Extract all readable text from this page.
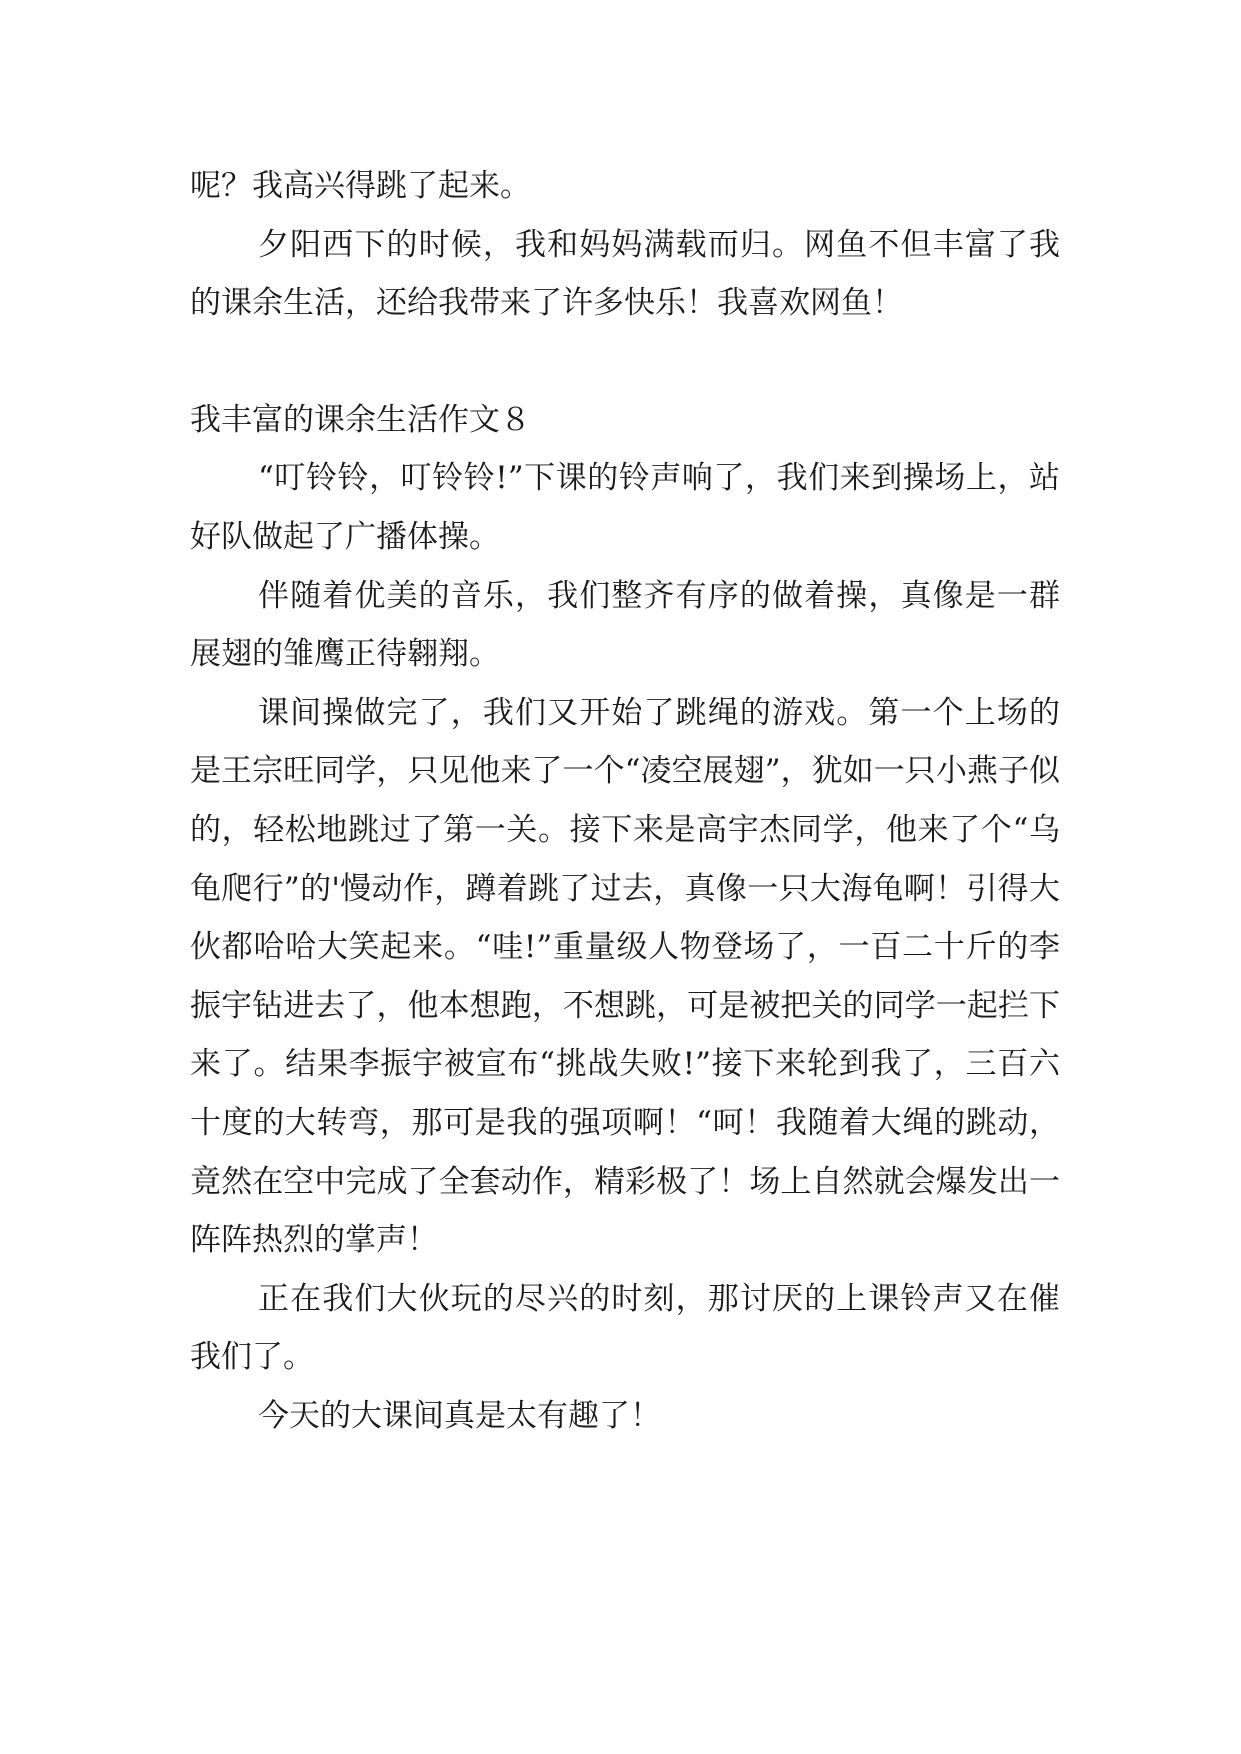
呢？我高兴得跳了起来。

夕阳西下的时候，我和妈妈满载而归。网鱼不但丰富了我的课余生活，还给我带来了许多快乐！我喜欢网鱼！

我丰富的课余生活作文８

“叮铃铃，叮铃铃!”下课的铃声响了，我们来到操场上，站好队做起了广播体操。

伴随着优美的音乐，我们整齐有序的做着操，真像是一群展翅的雏鹰正待翱翔。

课间操做完了，我们又开始了跳绳的游戏。第一个上场的是王宗旺同学，只见他来了一个“凌空展翅”，犹如一只小燕子似的，轻松地跳过了第一关。接下来是高宇杰同学，他来了个“乌龟爬行”的'慢动作，蹲着跳了过去，真像一只大海龟啊！引得大伙都哈哈大笑起来。“哇!”重量级人物登场了，一百二十斤的李振宇钻进去了，他本想跑，不想跳，可是被把关的同学一起拦下来了。结果李振宇被宣布“挑战失败!”接下来轮到我了，三百六十度的大转弯，那可是我的强项啊！“呵！我随着大绳的跳动，竟然在空中完成了全套动作，精彩极了！场上自然就会爆发出一阵阵热烈的掌声！

正在我们大伙玩的尽兴的时刻，那讨厌的上课铃声又在催我们了。

今天的大课间真是太有趣了！
